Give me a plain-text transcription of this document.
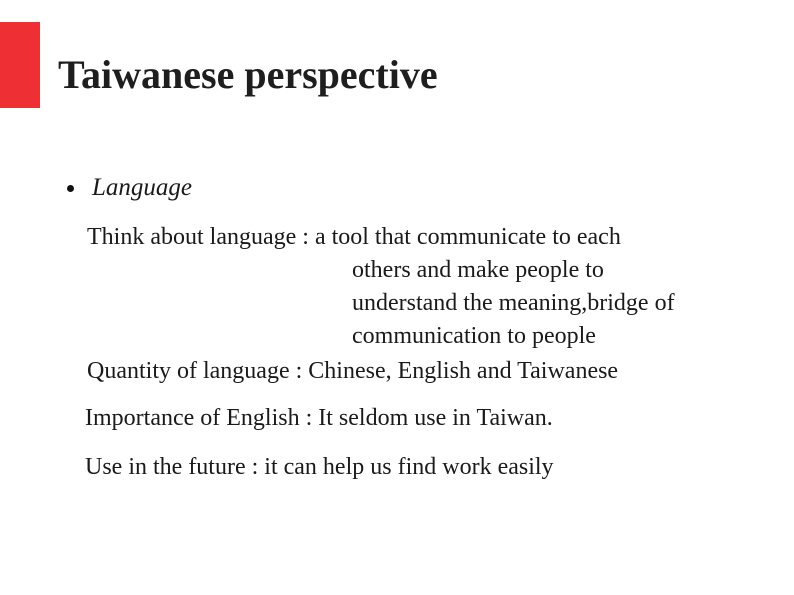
Taiwanese perspective
Language
Think about language : a tool that communicate to each
others and make people to
understand the meaning,bridge of
communication to people
Quantity of language : Chinese, English and Taiwanese
Importance of English : It seldom use in Taiwan.
Use in the future : it can help us find work easily
